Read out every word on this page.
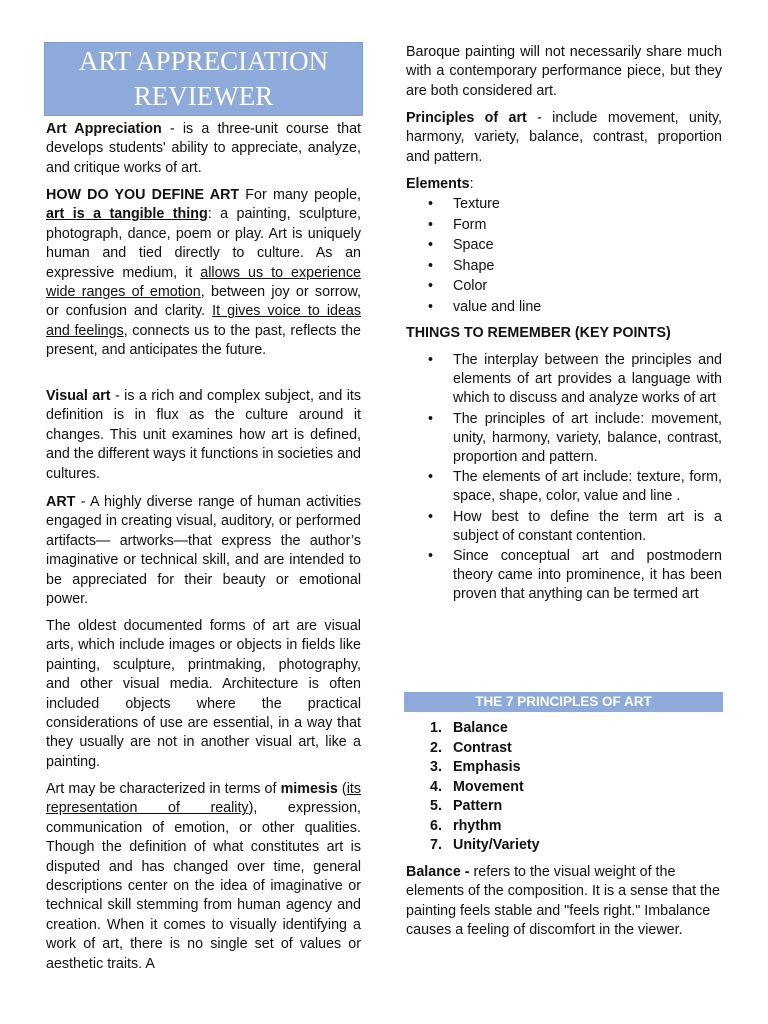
ART APPRECIATION
REVIEWER

Art Appreciation - is a three-unit course that develops students' ability to appreciate, analyze, and critique works of art.

HOW DO YOU DEFINE ART For many people, art is a tangible thing: a painting, sculpture, photograph, dance, poem or play. Art is uniquely human and tied directly to culture. As an expressive medium, it allows us to experience wide ranges of emotion, between joy or sorrow, or confusion and clarity. It gives voice to ideas and feelings, connects us to the past, reflects the present, and anticipates the future.

Visual art - is a rich and complex subject, and its definition is in flux as the culture around it changes. This unit examines how art is defined, and the different ways it functions in societies and cultures.

ART - A highly diverse range of human activities engaged in creating visual, auditory, or performed artifacts— artworks—that express the author’s imaginative or technical skill, and are intended to be appreciated for their beauty or emotional power.

The oldest documented forms of art are visual arts, which include images or objects in fields like painting, sculpture, printmaking, photography, and other visual media. Architecture is often included objects where the practical considerations of use are essential, in a way that they usually are not in another visual art, like a painting.

Art may be characterized in terms of mimesis (its representation of reality), expression, communication of emotion, or other qualities. Though the definition of what constitutes art is disputed and has changed over time, general descriptions center on the idea of imaginative or technical skill stemming from human agency and creation. When it comes to visually identifying a work of art, there is no single set of values or aesthetic traits. A

Baroque painting will not necessarily share much with a contemporary performance piece, but they are both considered art.

Principles of art - include movement, unity, harmony, variety, balance, contrast, proportion and pattern.

Elements:

• Texture
• Form
• Space
• Shape
• Color
• value and line

THINGS TO REMEMBER (KEY POINTS)

• The interplay between the principles and elements of art provides a language with which to discuss and analyze works of art
• The principles of art include: movement, unity, harmony, variety, balance, contrast, proportion and pattern.
• The elements of art include: texture, form, space, shape, color, value and line .
• How best to define the term art is a subject of constant contention.
• Since conceptual art and postmodern theory came into prominence, it has been proven that anything can be termed art
1. Balance
2. Contrast
3. Emphasis
4. Movement
5. Pattern
6. rhythm
7. Unity/Variety

Balance - refers to the visual weight of the elements of the composition. It is a sense that the painting feels stable and "feels right." Imbalance causes a feeling of discomfort in the viewer.

THE 7 PRINCIPLES OF ART
